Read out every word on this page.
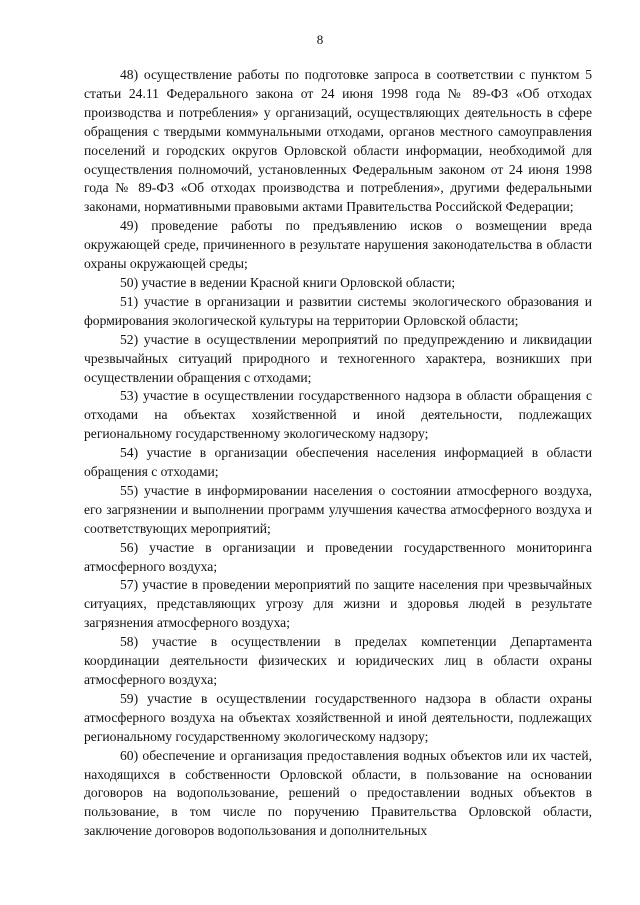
8

48) осуществление работы по подготовке запроса в соответствии с пунктом 5 статьи 24.11 Федерального закона от 24 июня 1998 года № 89-ФЗ «Об отходах производства и потребления» у организаций, осуществляющих деятельность в сфере обращения с твердыми коммунальными отходами, органов местного самоуправления поселений и городских округов Орловской области информации, необходимой для осуществления полномочий, установленных Федеральным законом от 24 июня 1998 года № 89-ФЗ «Об отходах производства и потребления», другими федеральными законами, нормативными правовыми актами Правительства Российской Федерации;

49) проведение работы по предъявлению исков о возмещении вреда окружающей среде, причиненного в результате нарушения законодательства в области охраны окружающей среды;

50) участие в ведении Красной книги Орловской области;

51) участие в организации и развитии системы экологического образования и формирования экологической культуры на территории Орловской области;

52) участие в осуществлении мероприятий по предупреждению и ликвидации чрезвычайных ситуаций природного и техногенного характера, возникших при осуществлении обращения с отходами;

53) участие в осуществлении государственного надзора в области обращения с отходами на объектах хозяйственной и иной деятельности, подлежащих региональному государственному экологическому надзору;

54) участие в организации обеспечения населения информацией в области обращения с отходами;

55) участие в информировании населения о состоянии атмосферного воздуха, его загрязнении и выполнении программ улучшения качества атмосферного воздуха и соответствующих мероприятий;

56) участие в организации и проведении государственного мониторинга атмосферного воздуха;

57) участие в проведении мероприятий по защите населения при чрезвычайных ситуациях, представляющих угрозу для жизни и здоровья людей в результате загрязнения атмосферного воздуха;

58) участие в осуществлении в пределах компетенции Департамента координации деятельности физических и юридических лиц в области охраны атмосферного воздуха;

59) участие в осуществлении государственного надзора в области охраны атмосферного воздуха на объектах хозяйственной и иной деятельности, подлежащих региональному государственному экологическому надзору;

60) обеспечение и организация предоставления водных объектов или их частей, находящихся в собственности Орловской области, в пользование на основании договоров на водопользование, решений о предоставлении водных объектов в пользование, в том числе по поручению Правительства Орловской области, заключение договоров водопользования и дополнительных
